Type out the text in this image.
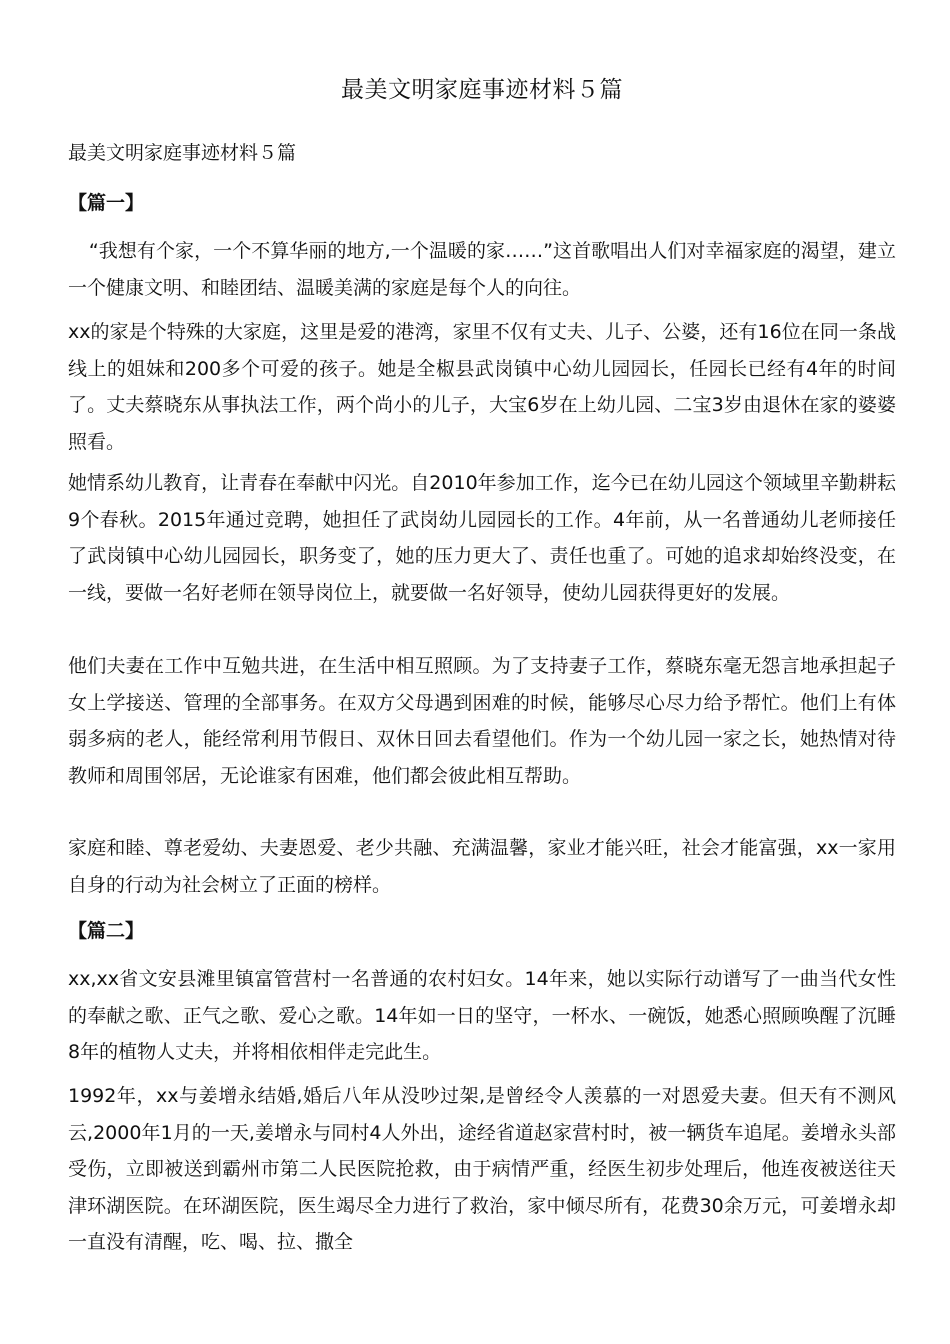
最美文明家庭事迹材料５篇

最美文明家庭事迹材料５篇

【篇一】

“我想有个家，一个不算华丽的地方,一个温暖的家……”这首歌唱出人们对幸福家庭的渴望，建立一个健康文明、和睦团结、温暖美满的家庭是每个人的向往。

xx的家是个特殊的大家庭，这里是爱的港湾，家里不仅有丈夫、儿子、公婆，还有16位在同一条战线上的姐妹和200多个可爱的孩子。她是全椒县武岗镇中心幼儿园园长，任园长已经有4年的时间了。丈夫蔡晓东从事执法工作，两个尚小的儿子，大宝6岁在上幼儿园、二宝3岁由退休在家的婆婆照看。

她情系幼儿教育，让青春在奉献中闪光。自2010年参加工作，迄今已在幼儿园这个领域里辛勤耕耘9个春秋。2015年通过竞聘，她担任了武岗幼儿园园长的工作。4年前，从一名普通幼儿老师接任了武岗镇中心幼儿园园长，职务变了，她的压力更大了、责任也重了。可她的追求却始终没变，在一线，要做一名好老师在领导岗位上，就要做一名好领导，使幼儿园获得更好的发展。

他们夫妻在工作中互勉共进，在生活中相互照顾。为了支持妻子工作，蔡晓东毫无怨言地承担起子女上学接送、管理的全部事务。在双方父母遇到困难的时候，能够尽心尽力给予帮忙。他们上有体弱多病的老人，能经常利用节假日、双休日回去看望他们。作为一个幼儿园一家之长，她热情对待教师和周围邻居，无论谁家有困难，他们都会彼此相互帮助。

家庭和睦、尊老爱幼、夫妻恩爱、老少共融、充满温馨，家业才能兴旺，社会才能富强，xx一家用自身的行动为社会树立了正面的榜样。

【篇二】

xx,xx省文安县滩里镇富管营村一名普通的农村妇女。14年来，她以实际行动谱写了一曲当代女性的奉献之歌、正气之歌、爱心之歌。14年如一日的坚守，一杯水、一碗饭，她悉心照顾唤醒了沉睡8年的植物人丈夫，并将相依相伴走完此生。

1992年，xx与姜增永结婚,婚后八年从没吵过架,是曾经令人羡慕的一对恩爱夫妻。但天有不测风云,2000年1月的一天,姜增永与同村4人外出，途经省道赵家营村时，被一辆货车追尾。姜增永头部受伤，立即被送到霸州市第二人民医院抢救，由于病情严重，经医生初步处理后，他连夜被送往天津环湖医院。在环湖医院，医生竭尽全力进行了救治，家中倾尽所有，花费30余万元，可姜增永却一直没有清醒，吃、喝、拉、撒全
